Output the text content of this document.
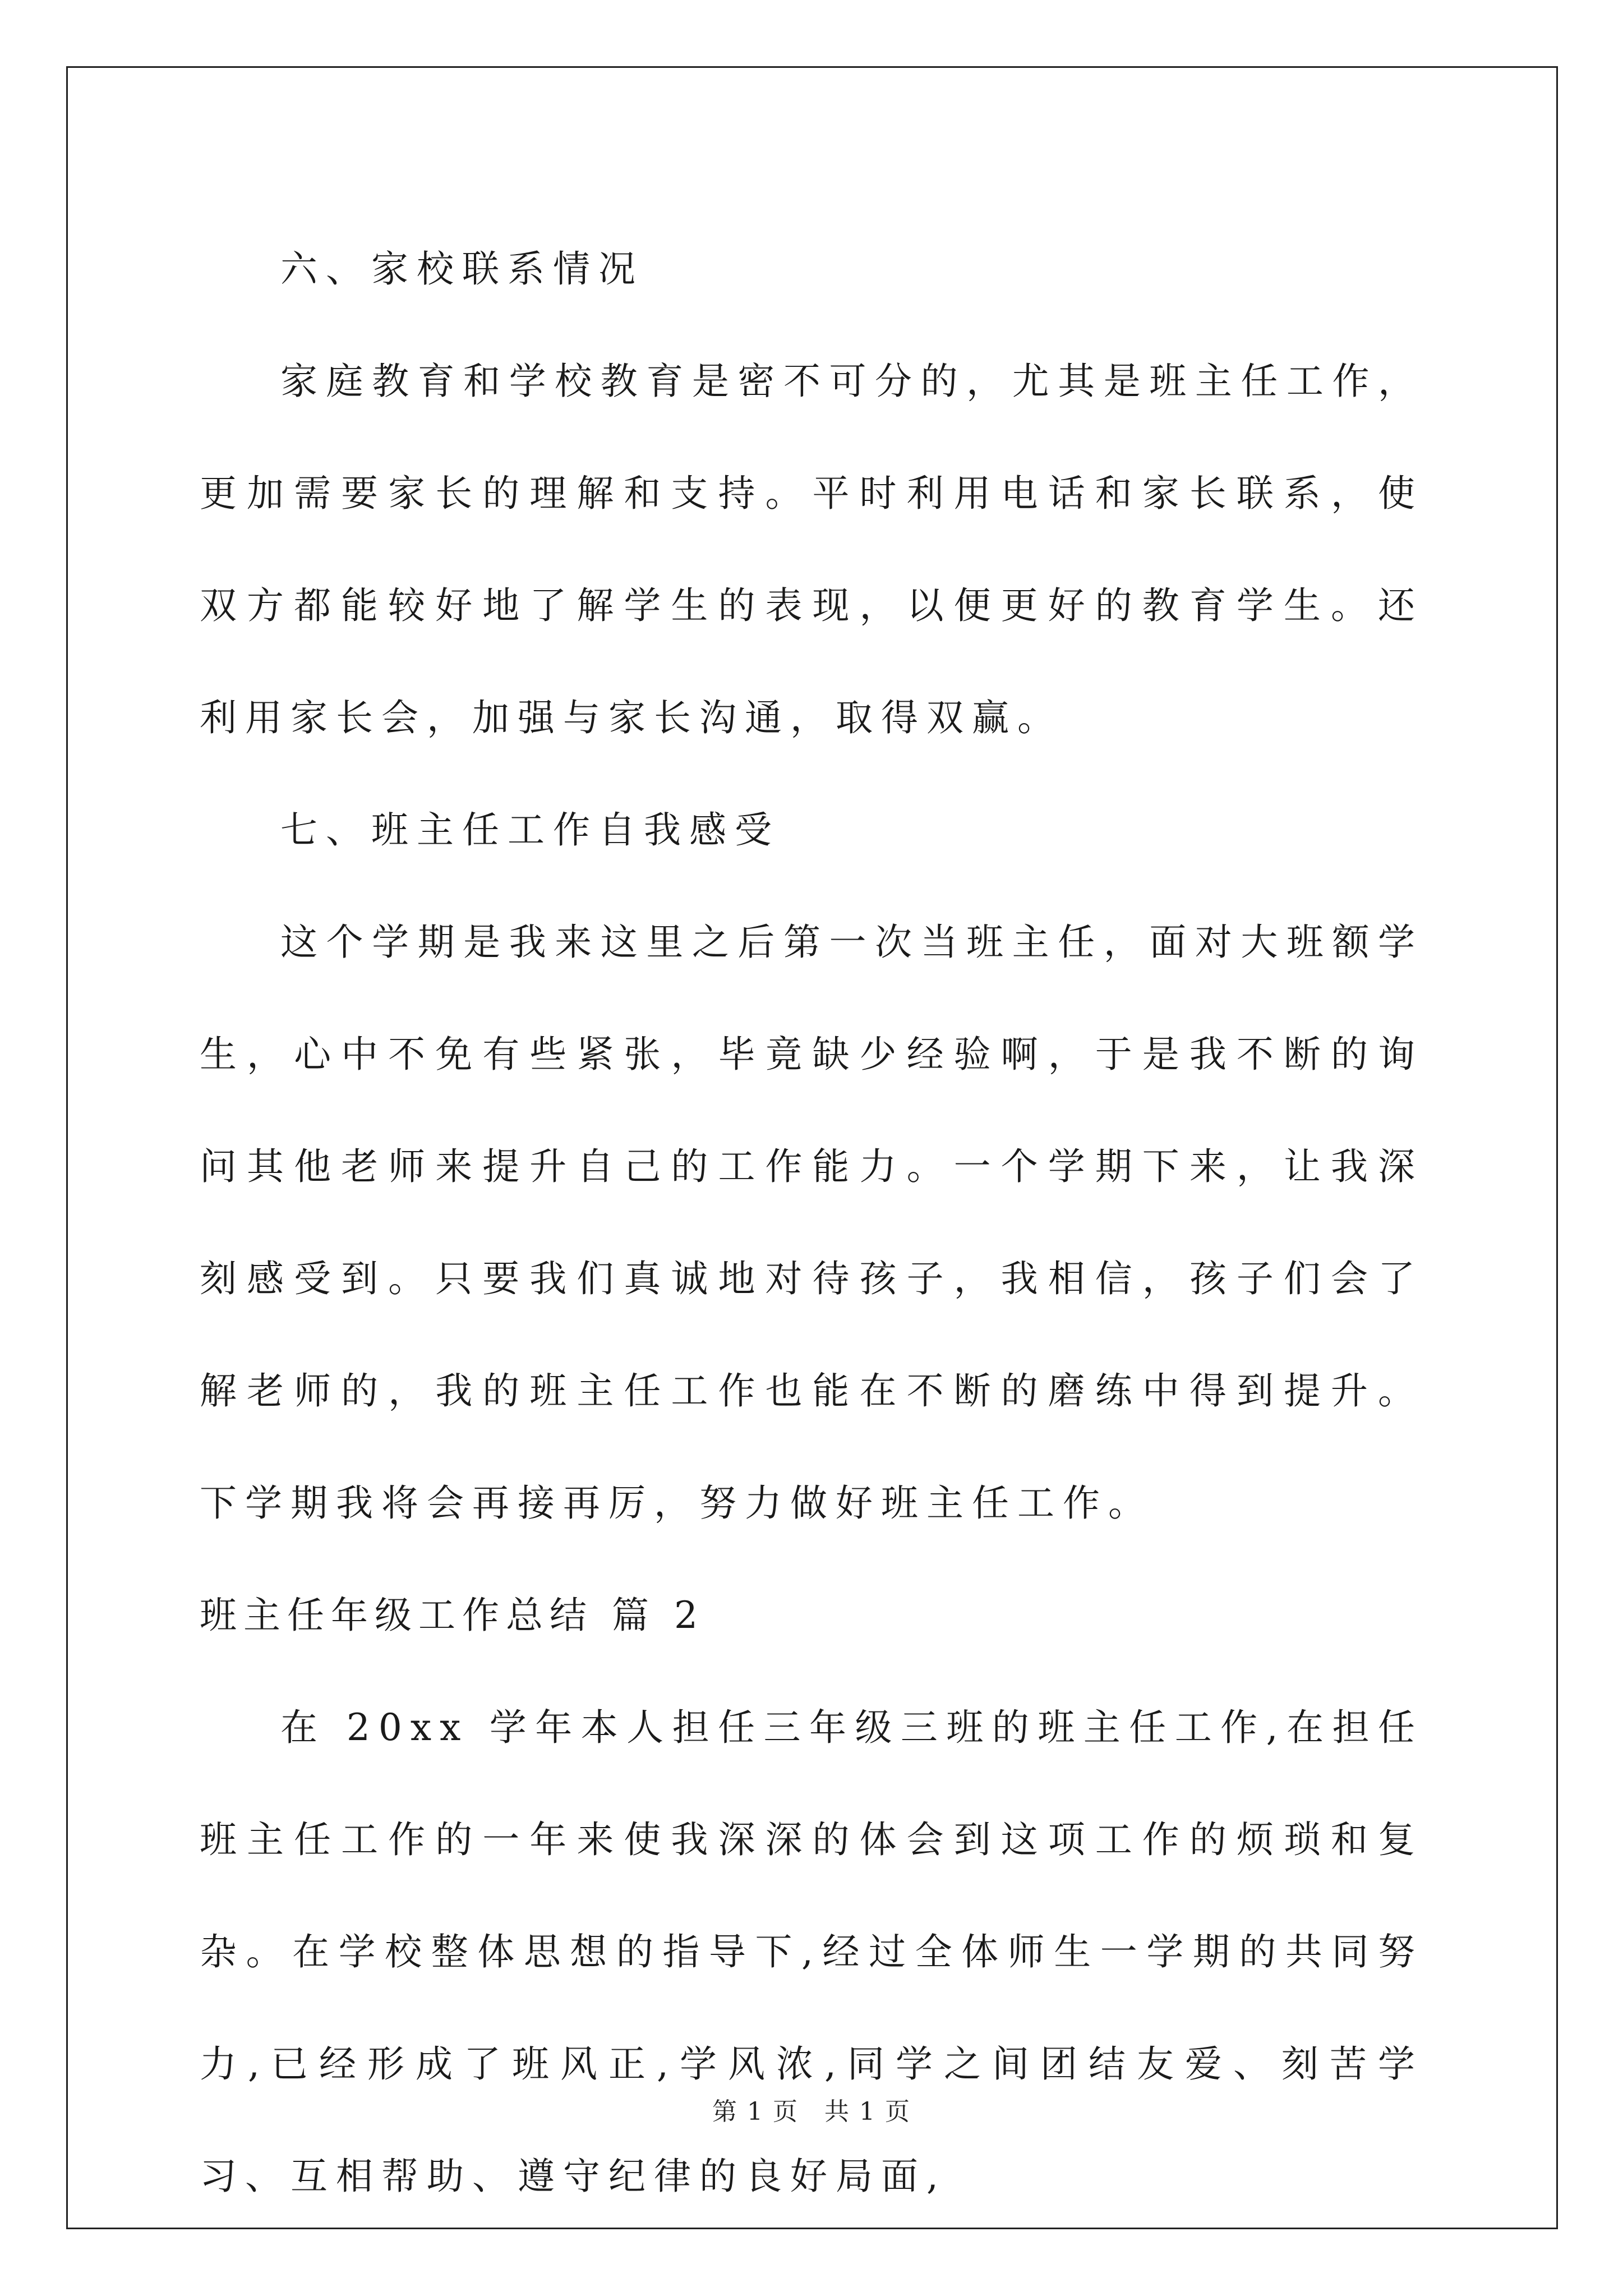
六、家校联系情况

家庭教育和学校教育是密不可分的，尤其是班主任工作，更加需要家长的理解和支持。平时利用电话和家长联系，使双方都能较好地了解学生的表现，以便更好的教育学生。还利用家长会，加强与家长沟通，取得双赢。

七、班主任工作自我感受

这个学期是我来这里之后第一次当班主任，面对大班额学生，心中不免有些紧张，毕竟缺少经验啊，于是我不断的询问其他老师来提升自己的工作能力。一个学期下来，让我深刻感受到。只要我们真诚地对待孩子，我相信，孩子们会了解老师的，我的班主任工作也能在不断的磨练中得到提升。下学期我将会再接再厉，努力做好班主任工作。

班主任年级工作总结 篇 2

在 20xx 学年本人担任三年级三班的班主任工作,在担任班主任工作的一年来使我深深的体会到这项工作的烦琐和复杂。在学校整体思想的指导下,经过全体师生一学期的共同努力,已经形成了班风正,学风浓,同学之间团结友爱、刻苦学习、互相帮助、遵守纪律的良好局面,

第 1 页　共 1 页
